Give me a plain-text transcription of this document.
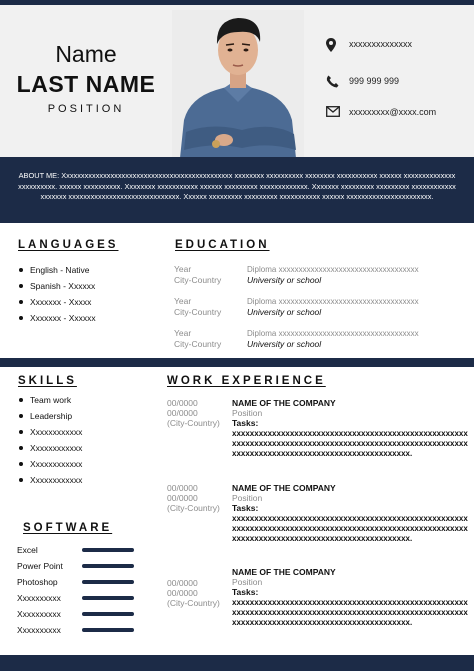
Name
LAST NAME
POSITION
xxxxxxxxxxxxxx
999 999 999
xxxxxxxxx@xxxx.com
ABOUT ME: Xxxxxxxxxxxxxxxxxxxxxxxxxxxxxxxxxxxxxxxxxxxxxx xxxxxxxx xxxxxxxxxx xxxxxxxx xxxxxxxxxxx xxxxxx xxxxxxxxxxxxxxxxxxxxxxxx. xxxxxx xxxxxxxxxx. Xxxxxxxx xxxxxxxxxxx xxxxxx xxxxxxxxx xxxxxxxxxxxxx. Xxxxxxx xxxxxxxxx xxxxxxxxx xxxxxxxxxxxx xxxxxxx xxxxxxxxxxxxxxxxxxxxxxxxxxxxxx. Xxxxxx xxxxxxxxx xxxxxxxxx xxxxxxxxxxx xxxxxx xxxxxxxxxxxxxxxxxxxxxxx.
LANGUAGES
English - Native
Spanish - Xxxxxx
Xxxxxxx - Xxxxx
Xxxxxxx - Xxxxxx
EDUCATION
Year
City-Country
Diploma xxxxxxxxxxxxxxxxxxxxxxxxxxxxxxxxxxx
University or school
Year
City-Country
Diploma xxxxxxxxxxxxxxxxxxxxxxxxxxxxxxxxxxx
University or school
Year
City-Country
Diploma xxxxxxxxxxxxxxxxxxxxxxxxxxxxxxxxxxx
University or school
SKILLS
Team work
Leadership
Xxxxxxxxxxxx
Xxxxxxxxxxxx
Xxxxxxxxxxxx
Xxxxxxxxxxxx
SOFTWARE
Excel
Power Point
Photoshop
Xxxxxxxxxx
Xxxxxxxxxx
Xxxxxxxxxx
WORK EXPERIENCE
00/0000
00/0000
(City-Country)
NAME OF THE COMPANY
Position
Tasks:
xxxxxxxxxxxxxxxxxxxxxxxxxxxxxxxxxxxxxxxxxxxxxxxxxxxxxxxxxxxxxxxxxxxxxxxxxxxxxxxxxxxxxxxxxxxxxxxxxxxxxxxxxxxxxxxxxxxxxxxxxxxxxxxxxxxxxxxxxxxxxxxxxx.
00/0000
00/0000
(City-Country)
NAME OF THE COMPANY
Position
Tasks:
xxxxxxxxxxxxxxxxxxxxxxxxxxxxxxxxxxxxxxxxxxxxxxxxxxxxxxxxxxxxxxxxxxxxxxxxxxxxxxxxxxxxxxxxxxxxxxxxxxxxxxxxxxxxxxxxxxxxxxxxxxxxxxxxxxxxxxxxxxxxxxxxxx.
00/0000
00/0000
(City-Country)
NAME OF THE COMPANY
Position
Tasks:
xxxxxxxxxxxxxxxxxxxxxxxxxxxxxxxxxxxxxxxxxxxxxxxxxxxxxxxxxxxxxxxxxxxxxxxxxxxxxxxxxxxxxxxxxxxxxxxxxxxxxxxxxxxxxxxxxxxxxxxxxxxxxxxxxxxxxxxxxxxxxxxxxx.
